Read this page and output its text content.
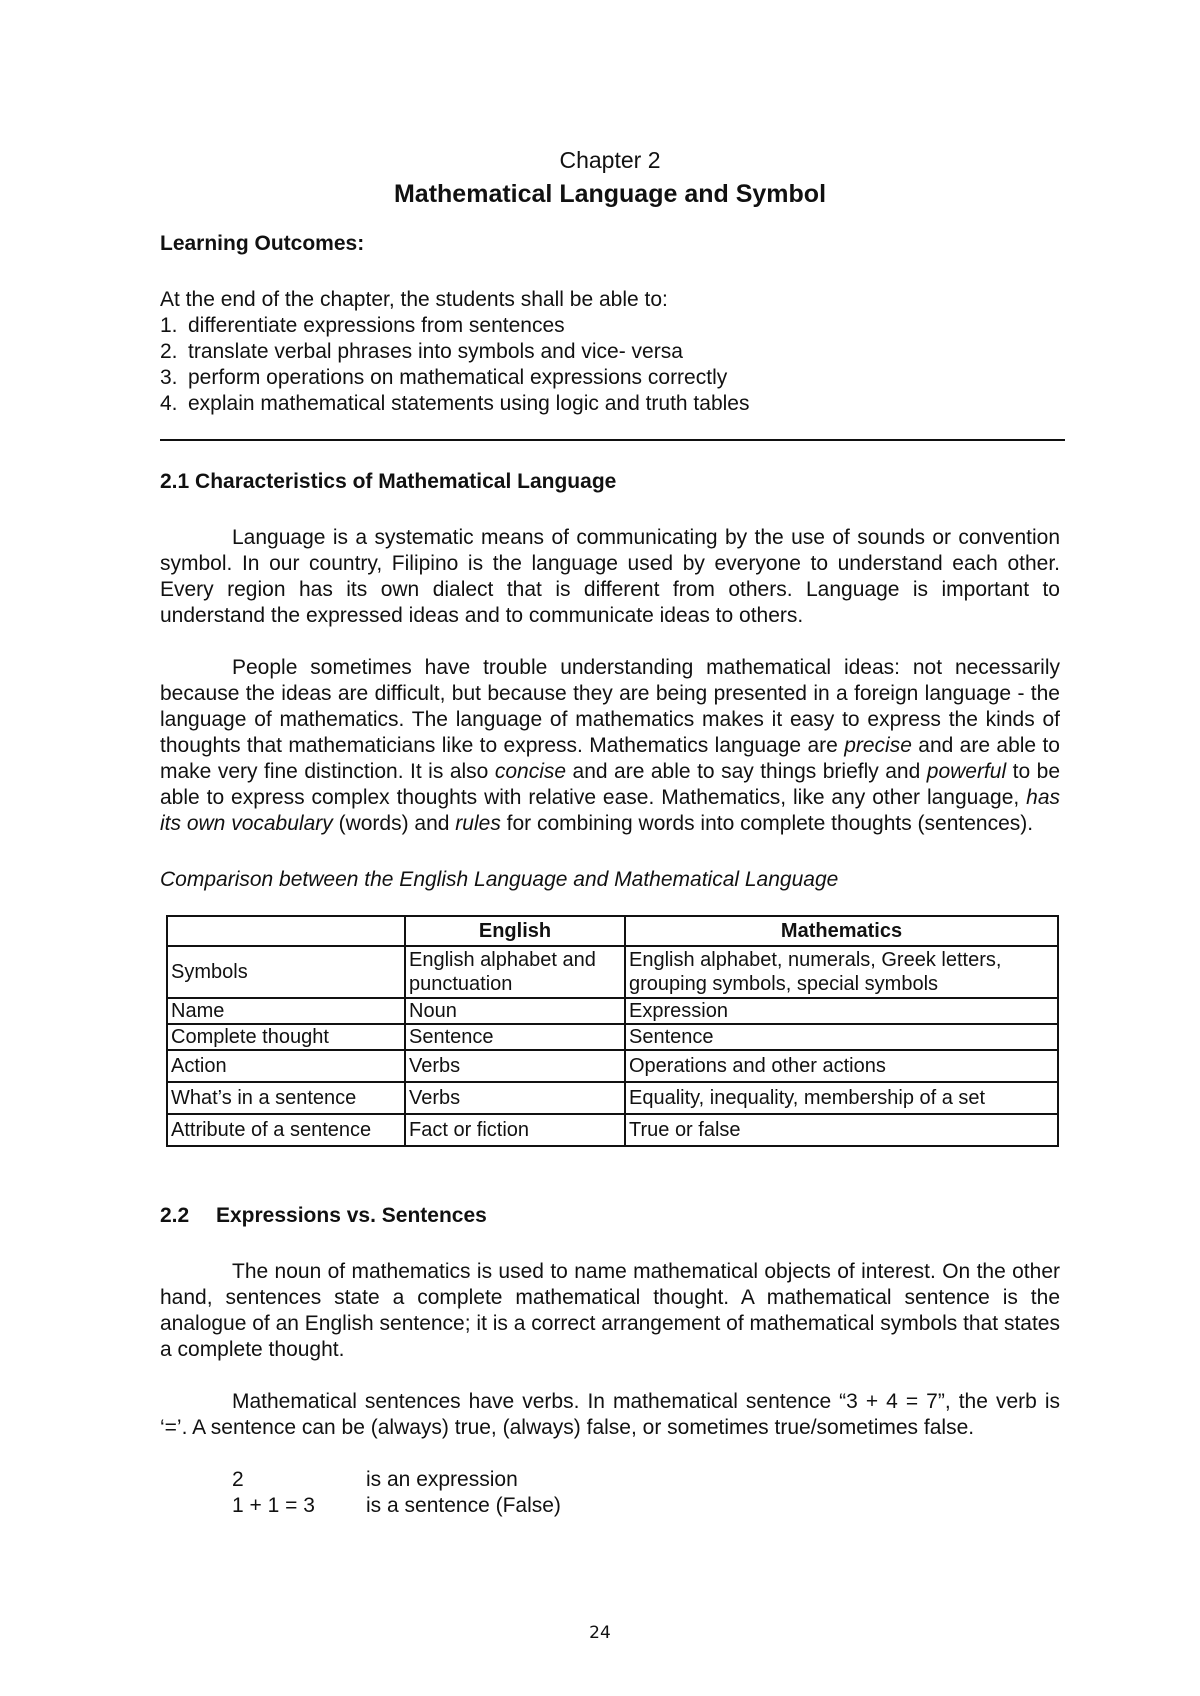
Chapter 2

Mathematical Language and Symbol

Learning Outcomes:

At the end of the chapter, the students shall be able to:

1. differentiate expressions from sentences
2. translate verbal phrases into symbols and vice- versa
3. perform operations on mathematical expressions correctly
4. explain mathematical statements using logic and truth tables
2.1 Characteristics of Mathematical Language

Language is a systematic means of communicating by the use of sounds or convention symbol. In our country, Filipino is the language used by everyone to understand each other. Every region has its own dialect that is different from others. Language is important to understand the expressed ideas and to communicate ideas to others.

People sometimes have trouble understanding mathematical ideas: not necessarily because the ideas are difficult, but because they are being presented in a foreign language - the language of mathematics. The language of mathematics makes it easy to express the kinds of thoughts that mathematicians like to express. Mathematics language are precise and are able to make very fine distinction. It is also concise and are able to say things briefly and powerful to be able to express complex thoughts with relative ease. Mathematics, like any other language, has its own vocabulary (words) and rules for combining words into complete thoughts (sentences).

Comparison between the English Language and Mathematical Language

	English	Mathematics
Symbols	English alphabet and punctuation	English alphabet, numerals, Greek letters, grouping symbols, special symbols
Name	Noun	Expression
Complete thought	Sentence	Sentence
Action	Verbs	Operations and other actions
What’s in a sentence	Verbs	Equality, inequality, membership of a set
Attribute of a sentence	Fact or fiction	True or false
2.2 Expressions vs. Sentences

The noun of mathematics is used to name mathematical objects of interest. On the other hand, sentences state a complete mathematical thought. A mathematical sentence is the analogue of an English sentence; it is a correct arrangement of mathematical symbols that states a complete thought.

Mathematical sentences have verbs. In mathematical sentence “3 + 4 = 7”, the verb is ‘=’. A sentence can be (always) true, (always) false, or sometimes true/sometimes false.

2	is an expression
1 + 1 = 3	is a sentence (False)
24
